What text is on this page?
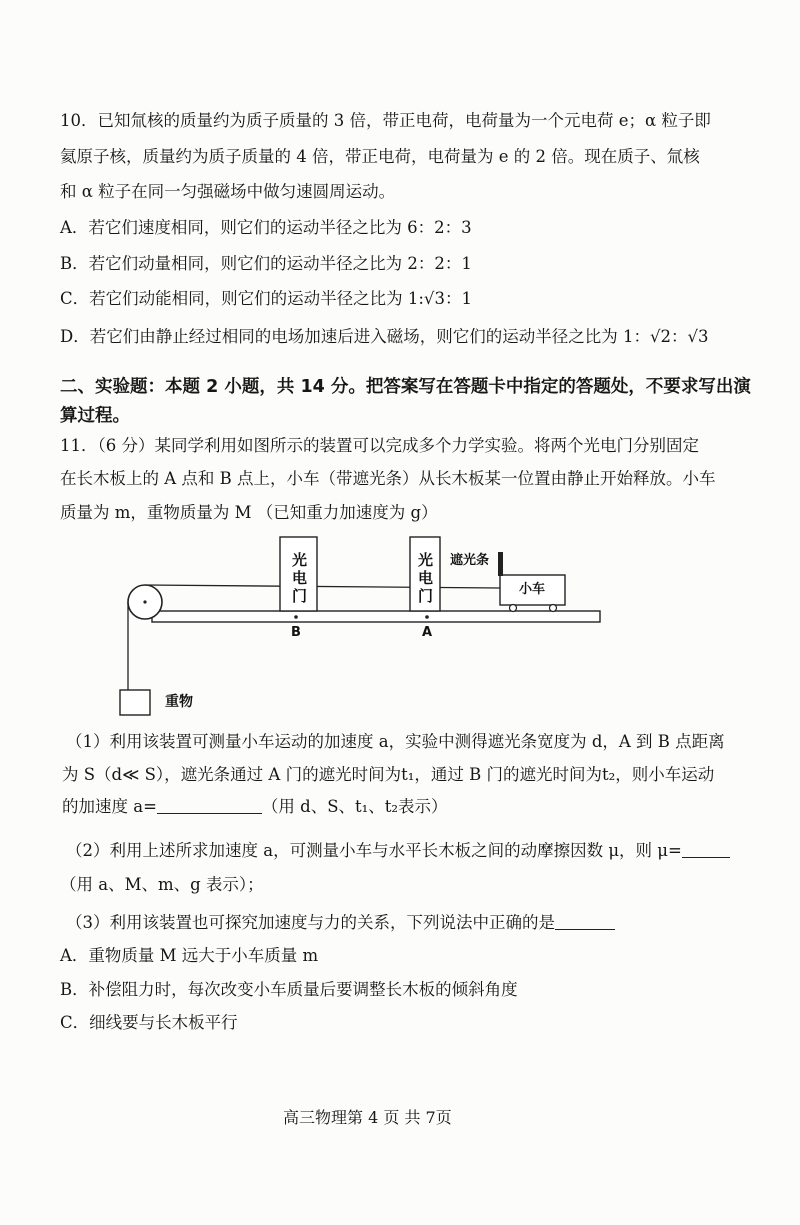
10．已知氚核的质量约为质子质量的 3 倍，带正电荷，电荷量为一个元电荷 e；α 粒子即
氦原子核，质量约为质子质量的 4 倍，带正电荷，电荷量为 e 的 2 倍。现在质子、氚核
和 α 粒子在同一匀强磁场中做匀速圆周运动。
A．若它们速度相同，则它们的运动半径之比为 6：2：3
B．若它们动量相同，则它们的运动半径之比为 2：2：1
C．若它们动能相同，则它们的运动半径之比为 1:√3：1
D．若它们由静止经过相同的电场加速后进入磁场，则它们的运动半径之比为 1：√2：√3
二、实验题：本题 2 小题，共 14 分。把答案写在答题卡中指定的答题处，不要求写出演
算过程。
11．（6 分）某同学利用如图所示的装置可以完成多个力学实验。将两个光电门分别固定
在长木板上的 A 点和 B 点上，小车（带遮光条）从长木板某一位置由静止开始释放。小车
质量为 m，重物质量为 M （已知重力加速度为 g）
光电门	光电门
B	A
遮光条
小车
重物
（1）利用该装置可测量小车运动的加速度 a，实验中测得遮光条宽度为 d，A 到 B 点距离
为 S（d≪ S），遮光条通过 A 门的遮光时间为t₁，通过 B 门的遮光时间为t₂，则小车运动
的加速度 a=	（用 d、S、t₁、t₂表示）
（2）利用上述所求加速度 a，可测量小车与水平长木板之间的动摩擦因数 μ，则 μ=
（用 a、M、m、g 表示）；
（3）利用该装置也可探究加速度与力的关系，下列说法中正确的是
A．重物质量 M 远大于小车质量 m
B．补偿阻力时，每次改变小车质量后要调整长木板的倾斜角度
C．细线要与长木板平行
高三物理第 4 页 共 7页
